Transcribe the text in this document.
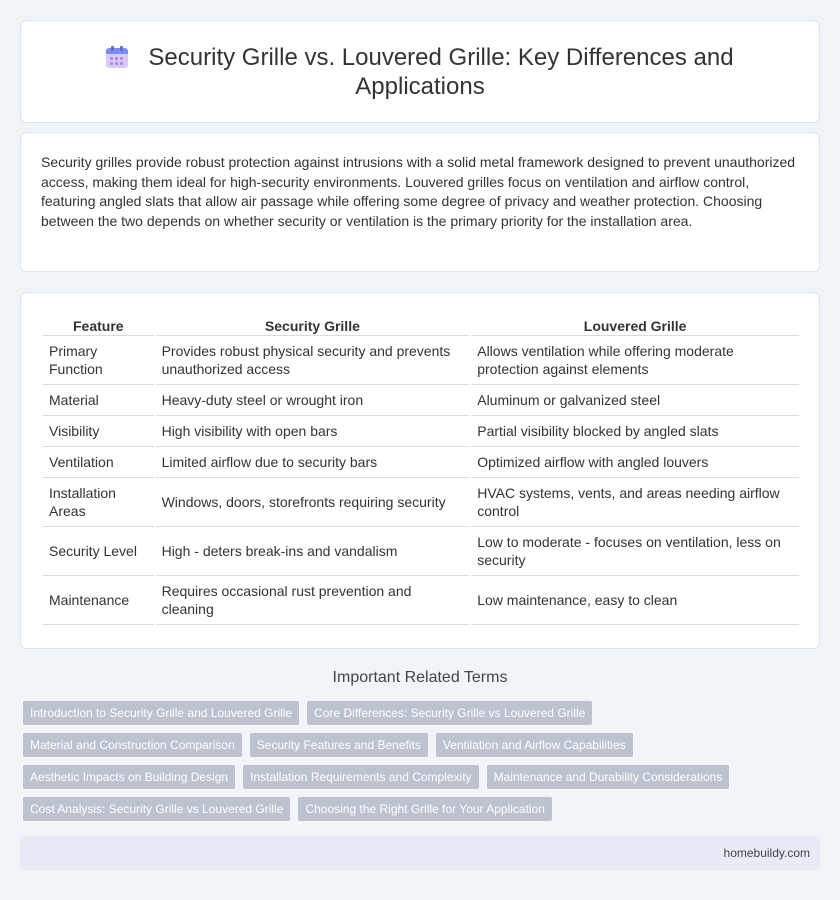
Security Grille vs. Louvered Grille: Key Differences and Applications

Security grilles provide robust protection against intrusions with a solid metal framework designed to prevent unauthorized access, making them ideal for high-security environments. Louvered grilles focus on ventilation and airflow control, featuring angled slats that allow air passage while offering some degree of privacy and weather protection. Choosing between the two depends on whether security or ventilation is the primary priority for the installation area.

Feature	Security Grille	Louvered Grille
Primary Function	Provides robust physical security and prevents unauthorized access	Allows ventilation while offering moderate protection against elements
Material	Heavy-duty steel or wrought iron	Aluminum or galvanized steel
Visibility	High visibility with open bars	Partial visibility blocked by angled slats
Ventilation	Limited airflow due to security bars	Optimized airflow with angled louvers
Installation Areas	Windows, doors, storefronts requiring security	HVAC systems, vents, and areas needing airflow control
Security Level	High - deters break-ins and vandalism	Low to moderate - focuses on ventilation, less on security
Maintenance	Requires occasional rust prevention and cleaning	Low maintenance, easy to clean
Important Related Terms
Introduction to Security Grille and Louvered Grille	Core Differences: Security Grille vs Louvered Grille
Material and Construction Comparison	Security Features and Benefits	Ventilation and Airflow Capabilities
Aesthetic Impacts on Building Design	Installation Requirements and Complexity	Maintenance and Durability Considerations
Cost Analysis: Security Grille vs Louvered Grille	Choosing the Right Grille for Your Application
homebuildy.com
